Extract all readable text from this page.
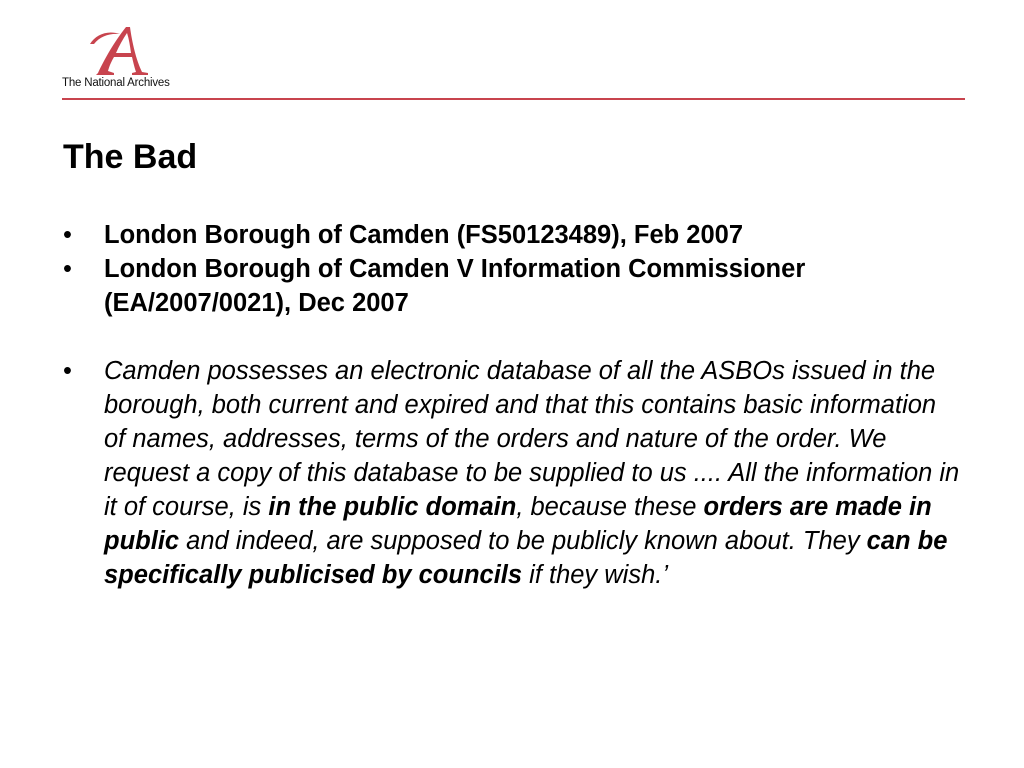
The National Archives
The Bad
• London Borough of Camden (FS50123489), Feb 2007
• London Borough of Camden V Information Commissioner (EA/2007/0021), Dec 2007
• Camden possesses an electronic database of all the ASBOs issued in the borough, both current and expired and that this contains basic information of names, addresses, terms of the orders and nature of the order. We request a copy of this database to be supplied to us .... All the information in it of course, is in the public domain, because these orders are made in public and indeed, are supposed to be publicly known about. They can be specifically publicised by councils if they wish.’
